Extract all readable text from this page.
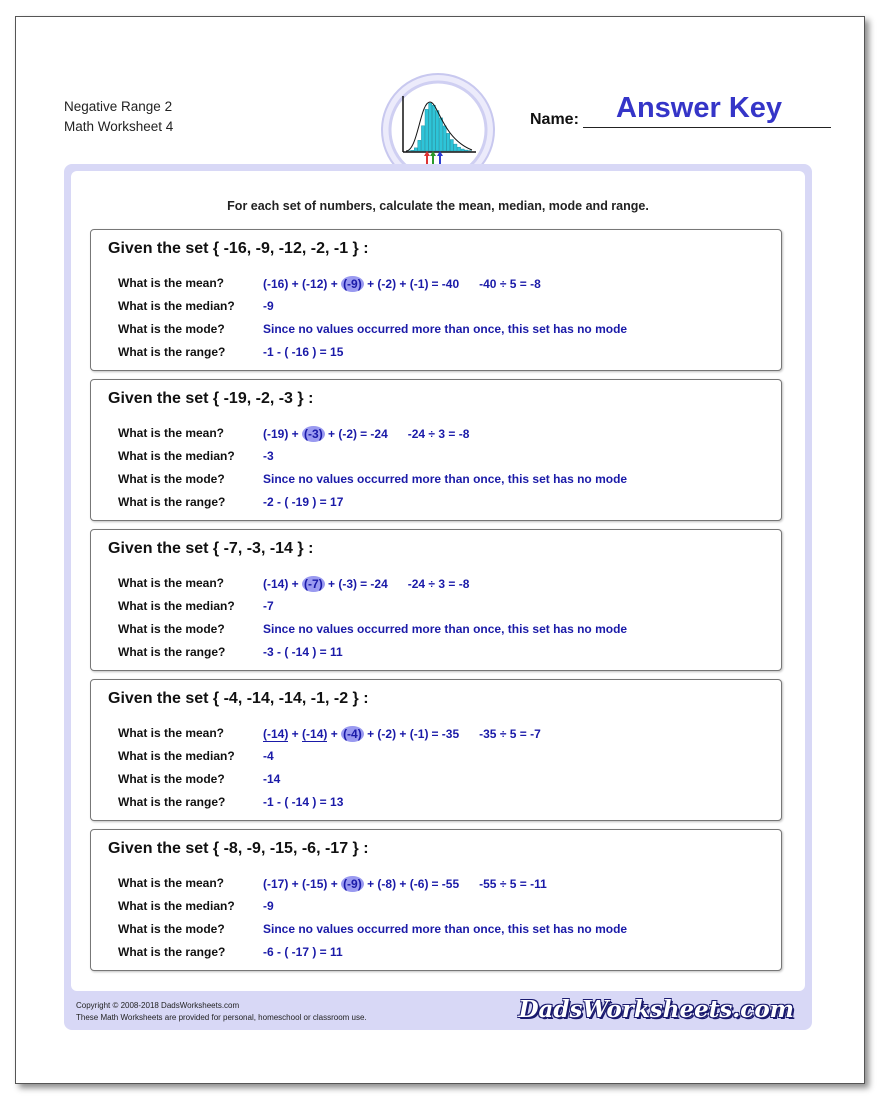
Negative Range 2
Math Worksheet 4	Name: Answer Key
For each set of numbers, calculate the mean, median, mode and range.
Given the set { -16, -9, -12, -2, -1 } :
What is the mean?	(-16) + (-12) + (-9) + (-2) + (-1) = -40 -40 ÷ 5 = -8
What is the median? -9
What is the mode?	Since no values occurred more than once, this set has no mode
What is the range?	-1 - ( -16 ) = 15
Given the set { -19, -2, -3 } :
What is the mean?	(-19) + (-3) + (-2) = -24 -24 ÷ 3 = -8
What is the median? -3
What is the mode?	Since no values occurred more than once, this set has no mode
What is the range?	-2 - ( -19 ) = 17
Given the set { -7, -3, -14 } :
What is the mean?	(-14) + (-7) + (-3) = -24 -24 ÷ 3 = -8
What is the median? -7
What is the mode?	Since no values occurred more than once, this set has no mode
What is the range?	-3 - ( -14 ) = 11
Given the set { -4, -14, -14, -1, -2 } :
What is the mean?	(-14) + (-14) + (-4) + (-2) + (-1) = -35 -35 ÷ 5 = -7
What is the median? -4
What is the mode?	-14
What is the range?	-1 - ( -14 ) = 13
Given the set { -8, -9, -15, -6, -17 } :
What is the mean?	(-17) + (-15) + (-9) + (-8) + (-6) = -55 -55 ÷ 5 = -11
What is the median? -9
What is the mode?	Since no values occurred more than once, this set has no mode
What is the range?	-6 - ( -17 ) = 11
Copyright © 2008-2018 DadsWorksheets.com
These Math Worksheets are provided for personal, homeschool or classroom use.	DadsWorksheets.com
